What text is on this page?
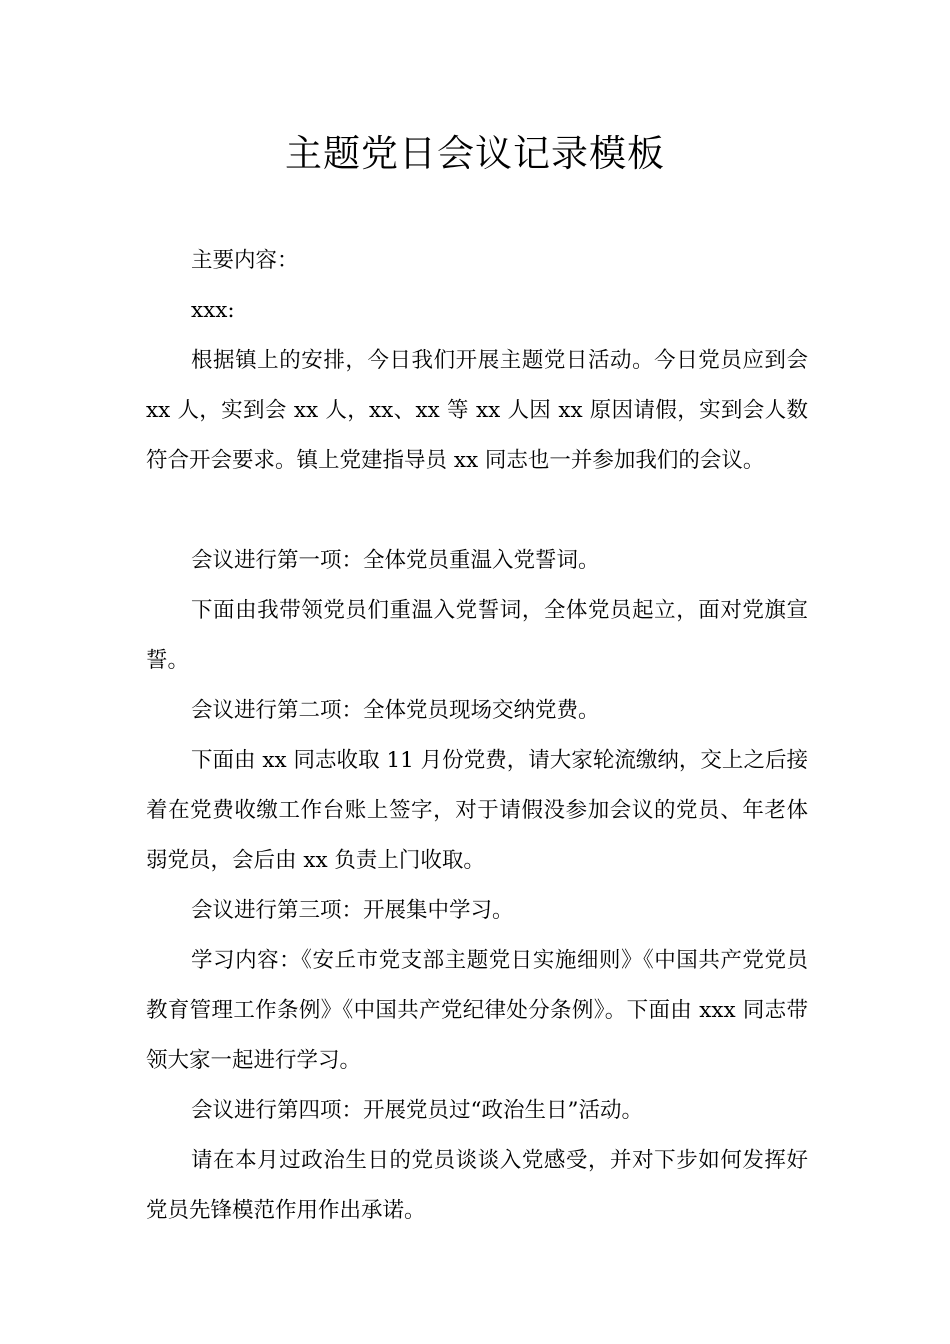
主题党日会议记录模板

主要内容：

xxx:

根据镇上的安排，今日我们开展主题党日活动。今日党员应到会 xx 人，实到会 xx 人，xx、xx 等 xx 人因 xx 原因请假，实到会人数符合开会要求。镇上党建指导员 xx 同志也一并参加我们的会议。

会议进行第一项：全体党员重温入党誓词。

下面由我带领党员们重温入党誓词，全体党员起立，面对党旗宣誓。

会议进行第二项：全体党员现场交纳党费。

下面由 xx 同志收取 11 月份党费，请大家轮流缴纳，交上之后接着在党费收缴工作台账上签字，对于请假没参加会议的党员、年老体弱党员，会后由 xx 负责上门收取。

会议进行第三项：开展集中学习。

学习内容：《安丘市党支部主题党日实施细则》《中国共产党党员教育管理工作条例》《中国共产党纪律处分条例》。下面由 xxx 同志带领大家一起进行学习。

会议进行第四项：开展党员过“政治生日”活动。

请在本月过政治生日的党员谈谈入党感受，并对下步如何发挥好党员先锋模范作用作出承诺。
